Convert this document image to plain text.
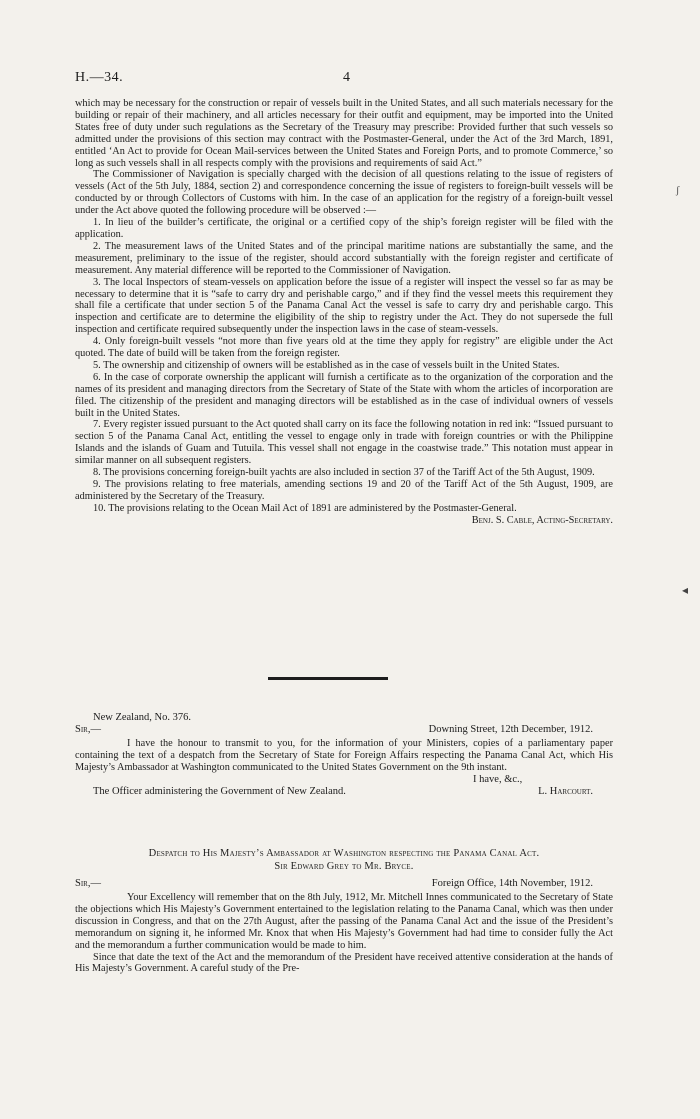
H.—34.	4

which may be necessary for the construction or repair of vessels built in the United States, and all such materials necessary for the building or repair of their machinery, and all articles necessary for their outfit and equipment, may be imported into the United States free of duty under such regulations as the Secretary of the Treasury may prescribe: Provided further that such vessels so admitted under the provisions of this section may contract with the Postmaster-General, under the Act of the 3rd March, 1891, entitled ‘An Act to provide for Ocean Mail-services between the United States and Foreign Ports, and to promote Commerce,’ so long as such vessels shall in all respects comply with the provisions and requirements of said Act.”

The Commissioner of Navigation is specially charged with the decision of all questions relating to the issue of registers of vessels (Act of the 5th July, 1884, section 2) and correspondence concerning the issue of registers to foreign-built vessels will be conducted by or through Collectors of Customs with him. In the case of an application for the registry of a foreign-built vessel under the Act above quoted the following procedure will be observed :—

1. In lieu of the builder’s certificate, the original or a certified copy of the ship’s foreign register will be filed with the application.

2. The measurement laws of the United States and of the principal maritime nations are substantially the same, and the measurement, preliminary to the issue of the register, should accord substantially with the foreign register and certificate of measurement. Any material difference will be reported to the Commissioner of Navigation.

3. The local Inspectors of steam-vessels on application before the issue of a register will inspect the vessel so far as may be necessary to determine that it is “safe to carry dry and perishable cargo,” and if they find the vessel meets this requirement they shall file a certificate that under section 5 of the Panama Canal Act the vessel is safe to carry dry and perishable cargo. This inspection and certificate are to determine the eligibility of the ship to registry under the Act. They do not supersede the full inspection and certificate required subsequently under the inspection laws in the case of steam-vessels.

4. Only foreign-built vessels “not more than five years old at the time they apply for registry” are eligible under the Act quoted. The date of build will be taken from the foreign register.

5. The ownership and citizenship of owners will be established as in the case of vessels built in the United States.

6. In the case of corporate ownership the applicant will furnish a certificate as to the organization of the corporation and the names of its president and managing directors from the Secretary of State of the State with whom the articles of incorporation are filed. The citizenship of the president and managing directors will be established as in the case of individual owners of vessels built in the United States.

7. Every register issued pursuant to the Act quoted shall carry on its face the following notation in red ink: “Issued pursuant to section 5 of the Panama Canal Act, entitling the vessel to engage only in trade with foreign countries or with the Philippine Islands and the islands of Guam and Tutuila. This vessel shall not engage in the coastwise trade.” This notation must appear in similar manner on all subsequent registers.

8. The provisions concerning foreign-built yachts are also included in section 37 of the Tariff Act of the 5th August, 1909.

9. The provisions relating to free materials, amending sections 19 and 20 of the Tariff Act of the 5th August, 1909, are administered by the Secretary of the Treasury.

10. The provisions relating to the Ocean Mail Act of 1891 are administered by the Postmaster-General.

Benj. S. Cable, Acting-Secretary.
New Zealand, No. 376.
Sir,—	Downing Street, 12th December, 1912.

I have the honour to transmit to you, for the information of your Ministers, copies of a parliamentary paper containing the text of a despatch from the Secretary of State for Foreign Affairs respecting the Panama Canal Act, which His Majesty’s Ambassador at Washington communicated to the United States Government on the 9th instant.

I have, &c.,
The Officer administering the Government of New Zealand.	L. Harcourt.
Despatch to His Majesty’s Ambassador at Washington respecting the Panama Canal Act.
Sir Edward Grey to Mr. Bryce.
Sir,—	Foreign Office, 14th November, 1912.

Your Excellency will remember that on the 8th July, 1912, Mr. Mitchell Innes communicated to the Secretary of State the objections which His Majesty’s Government entertained to the legislation relating to the Panama Canal, which was then under discussion in Congress, and that on the 27th August, after the passing of the Panama Canal Act and the issue of the President’s memorandum on signing it, he informed Mr. Knox that when His Majesty’s Government had had time to consider fully the Act and the memorandum a further communication would be made to him.

Since that date the text of the Act and the memorandum of the President have received attentive consideration at the hands of His Majesty’s Government. A careful study of the Pre-

ʃ
◂
